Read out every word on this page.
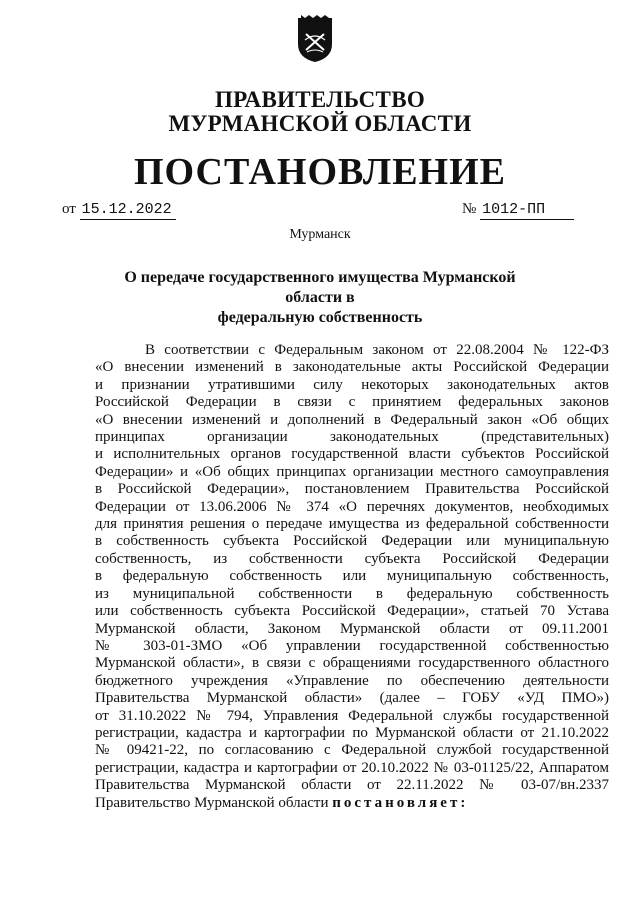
ПРАВИТЕЛЬСТВО
МУРМАНСКОЙ ОБЛАСТИ
ПОСТАНОВЛЕНИЕ
от 15.12.2022	№ 1012-ПП
Мурманск
О передаче государственного имущества Мурманской области в
федеральную собственность
В соответствии с Федеральным законом от 22.08.2004 № 122-ФЗ
«О внесении изменений в законодательные акты Российской Федерации
и признании утратившими силу некоторых законодательных актов
Российской Федерации в связи с принятием федеральных законов
«О внесении изменений и дополнений в Федеральный закон «Об общих
принципах организации законодательных (представительных)
и исполнительных органов государственной власти субъектов Российской
Федерации» и «Об общих принципах организации местного самоуправления
в Российской Федерации», постановлением Правительства Российской
Федерации от 13.06.2006 № 374 «О перечнях документов, необходимых
для принятия решения о передаче имущества из федеральной собственности
в собственность субъекта Российской Федерации или муниципальную
собственность, из собственности субъекта Российской Федерации
в федеральную собственность или муниципальную собственность,
из муниципальной собственности в федеральную собственность
или собственность субъекта Российской Федерации», статьей 70 Устава
Мурманской области, Законом Мурманской области от 09.11.2001
№ 303-01-ЗМО «Об управлении государственной собственностью
Мурманской области», в связи с обращениями государственного областного
бюджетного учреждения «Управление по обеспечению деятельности
Правительства Мурманской области» (далее – ГОБУ «УД ПМО»)
от 31.10.2022 № 794, Управления Федеральной службы государственной
регистрации, кадастра и картографии по Мурманской области от 21.10.2022
№ 09421-22, по согласованию с Федеральной службой государственной
регистрации, кадастра и картографии от 20.10.2022 № 03-01125/22, Аппаратом
Правительства Мурманской области от 22.11.2022 № 03-07/вн.2337
Правительство Мурманской области постановляет:
